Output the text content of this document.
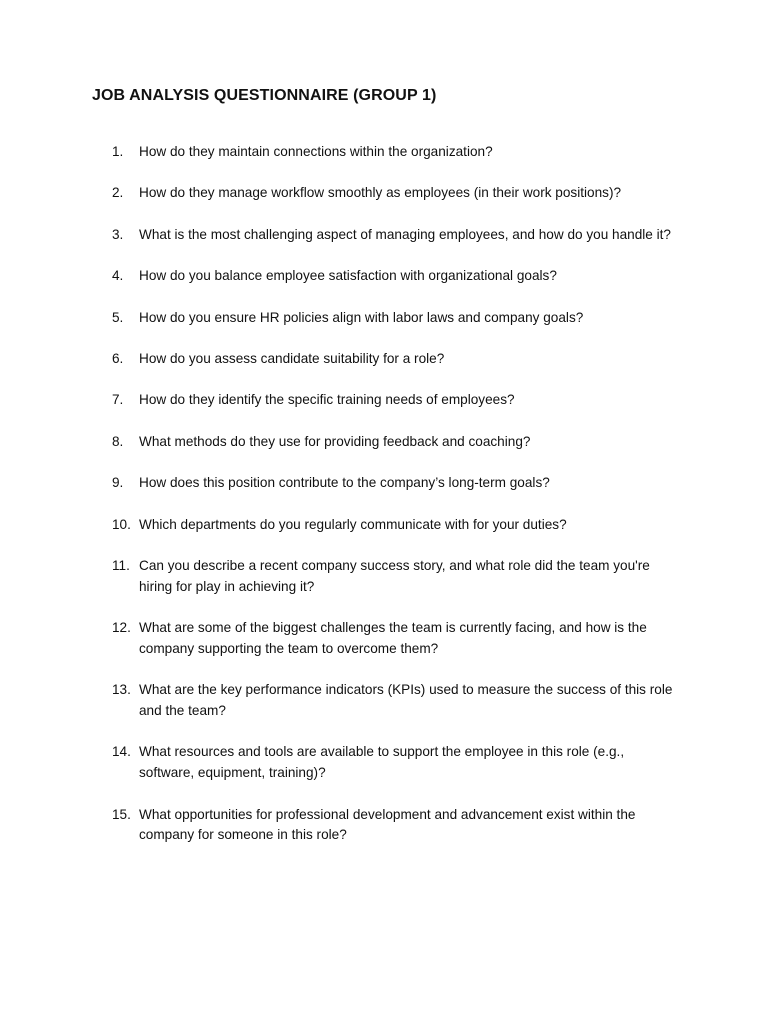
JOB ANALYSIS QUESTIONNAIRE (GROUP 1)
1.	How do they maintain connections within the organization?
2.	How do they manage workflow smoothly as employees (in their work positions)?
3.	What is the most challenging aspect of managing employees, and how do you handle it?
4.	How do you balance employee satisfaction with organizational goals?
5.	How do you ensure HR policies align with labor laws and company goals?
6.	How do you assess candidate suitability for a role?
7.	How do they identify the specific training needs of employees?
8.	What methods do they use for providing feedback and coaching?
9.	How does this position contribute to the company’s long-term goals?
10. Which departments do you regularly communicate with for your duties?
11. Can you describe a recent company success story, and what role did the team you're hiring for play in achieving it?
12. What are some of the biggest challenges the team is currently facing, and how is the company supporting the team to overcome them?
13. What are the key performance indicators (KPIs) used to measure the success of this role and the team?
14. What resources and tools are available to support the employee in this role (e.g., software, equipment, training)?
15. What opportunities for professional development and advancement exist within the company for someone in this role?
